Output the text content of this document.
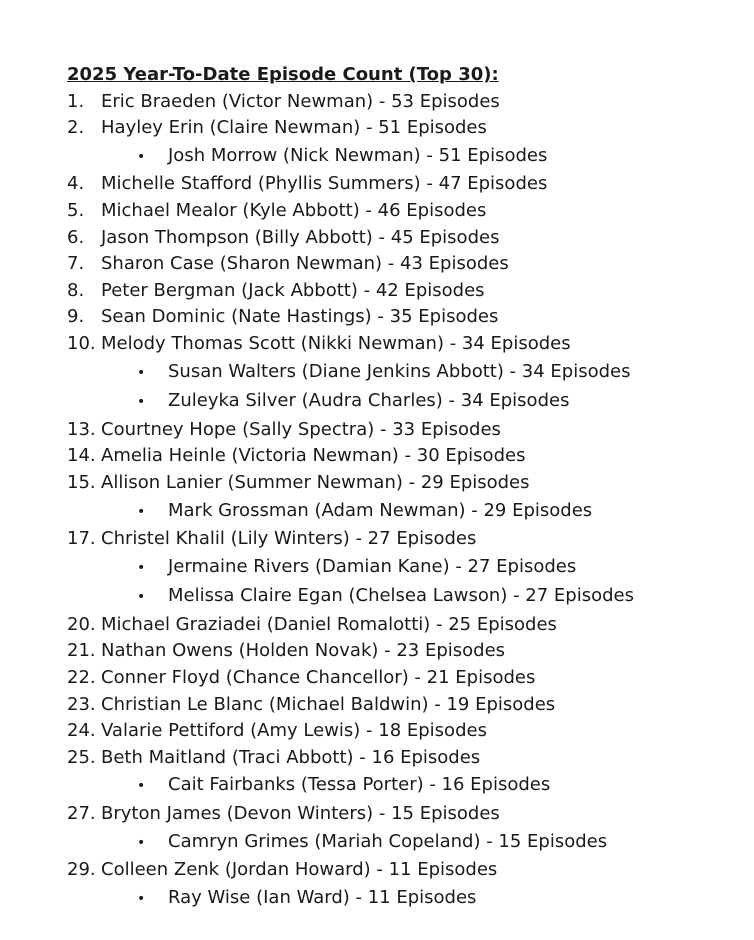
2025 Year-To-Date Episode Count (Top 30):
1. Eric Braeden (Victor Newman) - 53 Episodes
2. Hayley Erin (Claire Newman) - 51 Episodes
•	Josh Morrow (Nick Newman) - 51 Episodes
4. Michelle Stafford (Phyllis Summers) - 47 Episodes
5. Michael Mealor (Kyle Abbott) - 46 Episodes
6. Jason Thompson (Billy Abbott) - 45 Episodes
7. Sharon Case (Sharon Newman) - 43 Episodes
8. Peter Bergman (Jack Abbott) - 42 Episodes
9. Sean Dominic (Nate Hastings) - 35 Episodes
10. Melody Thomas Scott (Nikki Newman) - 34 Episodes
•	Susan Walters (Diane Jenkins Abbott) - 34 Episodes
•	Zuleyka Silver (Audra Charles) - 34 Episodes
13. Courtney Hope (Sally Spectra) - 33 Episodes
14. Amelia Heinle (Victoria Newman) - 30 Episodes
15. Allison Lanier (Summer Newman) - 29 Episodes
•	Mark Grossman (Adam Newman) - 29 Episodes
17. Christel Khalil (Lily Winters) - 27 Episodes
•	Jermaine Rivers (Damian Kane) - 27 Episodes
•	Melissa Claire Egan (Chelsea Lawson) - 27 Episodes
20. Michael Graziadei (Daniel Romalotti) - 25 Episodes
21. Nathan Owens (Holden Novak) - 23 Episodes
22. Conner Floyd (Chance Chancellor) - 21 Episodes
23. Christian Le Blanc (Michael Baldwin) - 19 Episodes
24. Valarie Pettiford (Amy Lewis) - 18 Episodes
25. Beth Maitland (Traci Abbott) - 16 Episodes
•	Cait Fairbanks (Tessa Porter) - 16 Episodes
27. Bryton James (Devon Winters) - 15 Episodes
•	Camryn Grimes (Mariah Copeland) - 15 Episodes
29. Colleen Zenk (Jordan Howard) - 11 Episodes
•	Ray Wise (Ian Ward) - 11 Episodes
